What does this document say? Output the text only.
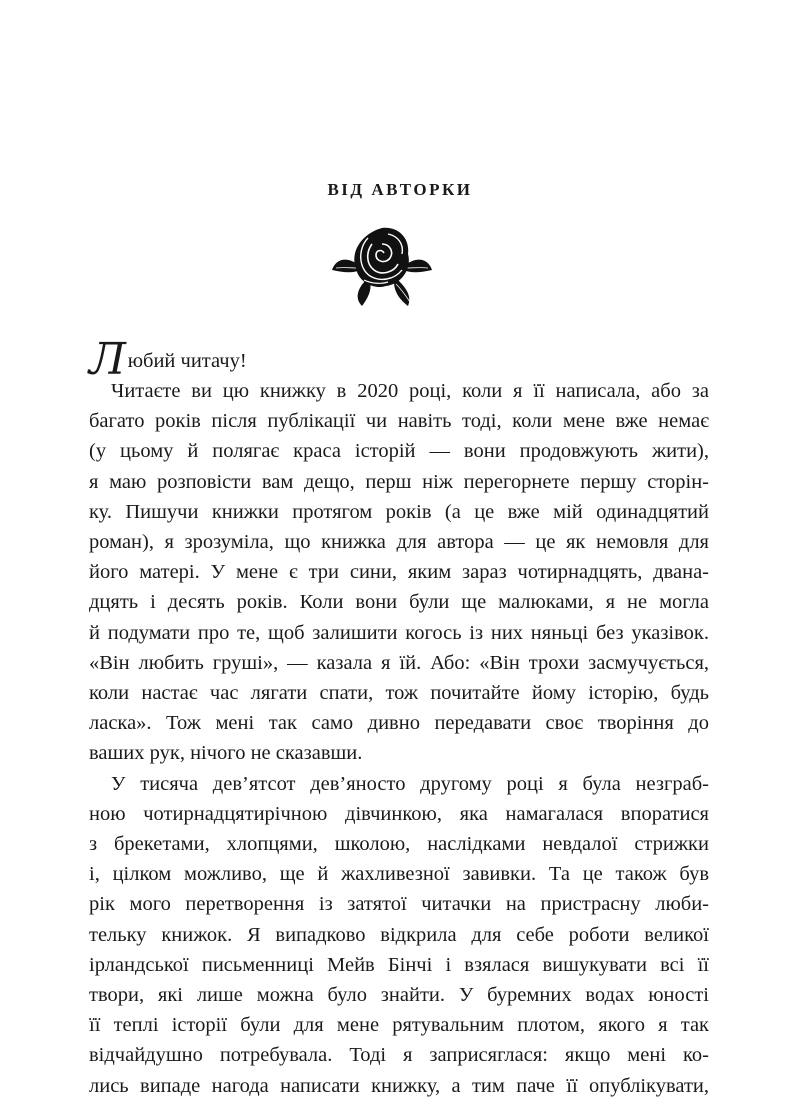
ВІД АВТОРКИ

Л юбий читачу!

Читаєте ви цю книжку в 2020 році, коли я її написала, або за
багато років після публікації чи навіть тоді, коли мене вже немає
(у цьому й полягає краса історій — вони продовжують жити),
я маю розповісти вам дещо, перш ніж перегорнете першу сторін-
ку. Пишучи книжки протягом років (а це вже мій одинадцятий
роман), я зрозуміла, що книжка для автора — це як немовля для
його матері. У мене є три сини, яким зараз чотирнадцять, двана-
дцять і десять років. Коли вони були ще малюками, я не могла
й подумати про те, щоб залишити когось із них няньці без указівок.
«Він любить груші», — казала я їй. Або: «Він трохи засмучується,
коли настає час лягати спати, тож почитайте йому історію, будь
ласка». Тож мені так само дивно передавати своє творіння до
ваших рук, нічого не сказавши.
У тисяча дев’ятсот дев’яносто другому році я була незграб-
ною чотирнадцятирічною дівчинкою, яка намагалася впоратися
з брекетами, хлопцями, школою, наслідками невдалої стрижки
і, цілком можливо, ще й жахливезної завивки. Та це також був
рік мого перетворення із затятої читачки на пристрасну люби-
тельку книжок. Я випадково відкрила для себе роботи великої
ірландської письменниці Мейв Бінчі і взялася вишукувати всі її
твори, які лише можна було знайти. У буремних водах юності
її теплі історії були для мене рятувальним плотом, якого я так
відчайдушно потребувала. Тоді я заприсяглася: якщо мені ко-
лись випаде нагода написати книжку, а тим паче її опублікувати,
